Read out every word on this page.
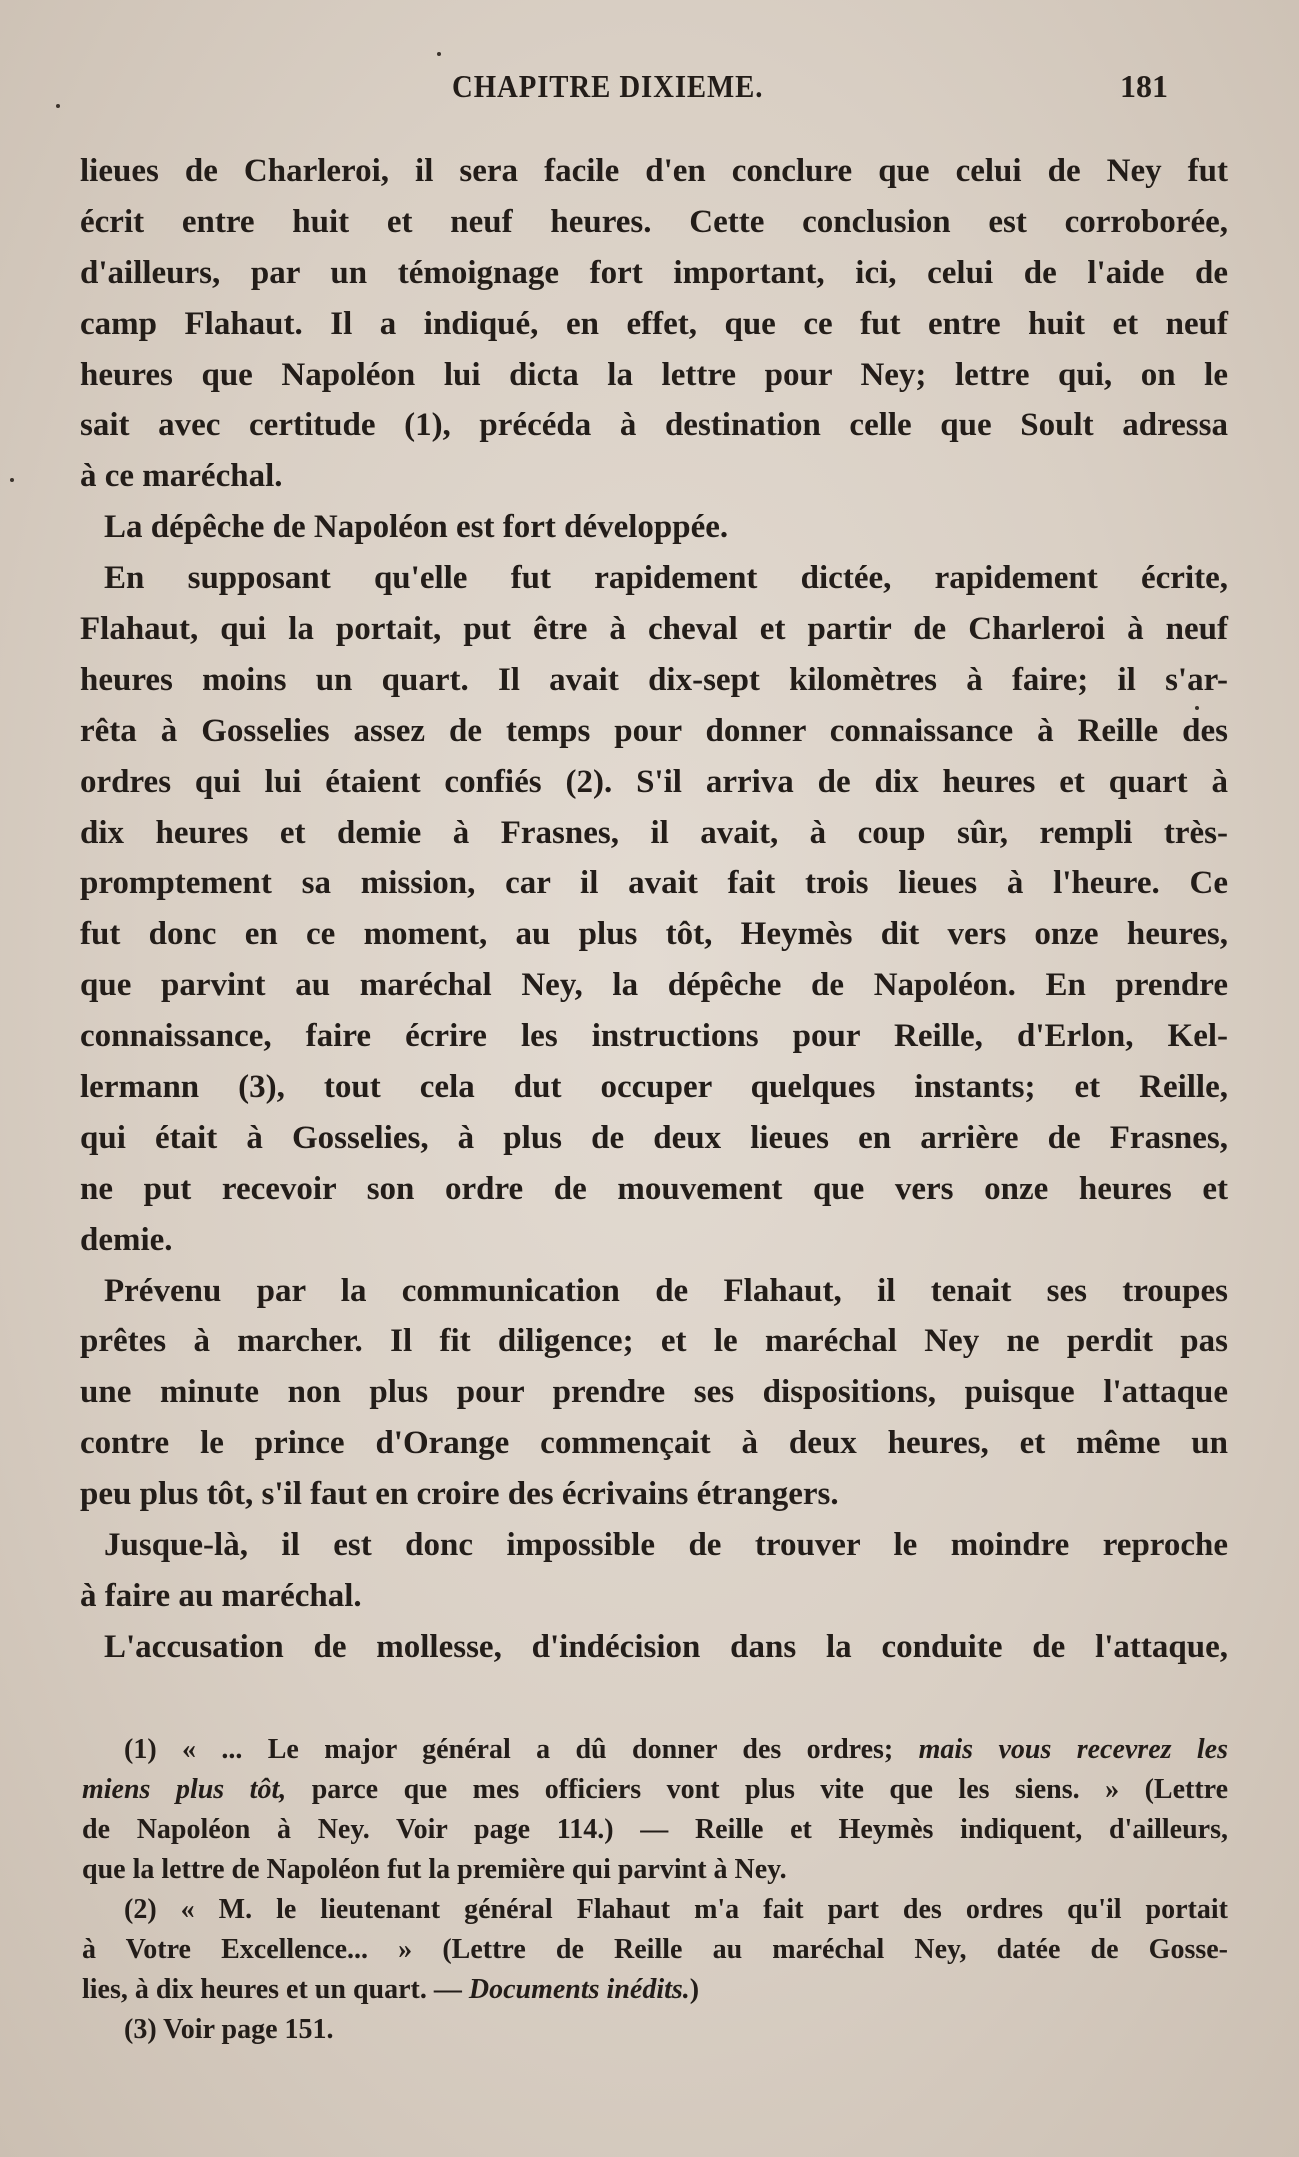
CHAPITRE DIXIEME.	181
lieues de Charleroi, il sera facile d'en conclure que celui de Ney fut
écrit entre huit et neuf heures. Cette conclusion est corroborée,
d'ailleurs, par un témoignage fort important, ici, celui de l'aide de
camp Flahaut. Il a indiqué, en effet, que ce fut entre huit et neuf
heures que Napoléon lui dicta la lettre pour Ney; lettre qui, on le
sait avec certitude (1), précéda à destination celle que Soult adressa
à ce maréchal.
La dépêche de Napoléon est fort développée.
En supposant qu'elle fut rapidement dictée, rapidement écrite,
Flahaut, qui la portait, put être à cheval et partir de Charleroi à neuf
heures moins un quart. Il avait dix-sept kilomètres à faire; il s'ar-
rêta à Gosselies assez de temps pour donner connaissance à Reille des
ordres qui lui étaient confiés (2). S'il arriva de dix heures et quart à
dix heures et demie à Frasnes, il avait, à coup sûr, rempli très-
promptement sa mission, car il avait fait trois lieues à l'heure. Ce
fut donc en ce moment, au plus tôt, Heymès dit vers onze heures,
que parvint au maréchal Ney, la dépêche de Napoléon. En prendre
connaissance, faire écrire les instructions pour Reille, d'Erlon, Kel-
lermann (3), tout cela dut occuper quelques instants; et Reille,
qui était à Gosselies, à plus de deux lieues en arrière de Frasnes,
ne put recevoir son ordre de mouvement que vers onze heures et
demie.
Prévenu par la communication de Flahaut, il tenait ses troupes
prêtes à marcher. Il fit diligence; et le maréchal Ney ne perdit pas
une minute non plus pour prendre ses dispositions, puisque l'attaque
contre le prince d'Orange commençait à deux heures, et même un
peu plus tôt, s'il faut en croire des écrivains étrangers.
Jusque-là, il est donc impossible de trouver le moindre reproche
à faire au maréchal.
L'accusation de mollesse, d'indécision dans la conduite de l'attaque,
(1) « ... Le major général a dû donner des ordres; mais vous recevrez les
miens plus tôt, parce que mes officiers vont plus vite que les siens. » (Lettre
de Napoléon à Ney. Voir page 114.) — Reille et Heymès indiquent, d'ailleurs,
que la lettre de Napoléon fut la première qui parvint à Ney.
(2) « M. le lieutenant général Flahaut m'a fait part des ordres qu'il portait
à Votre Excellence... » (Lettre de Reille au maréchal Ney, datée de Gosse-
lies, à dix heures et un quart. — Documents inédits.)
(3) Voir page 151.
